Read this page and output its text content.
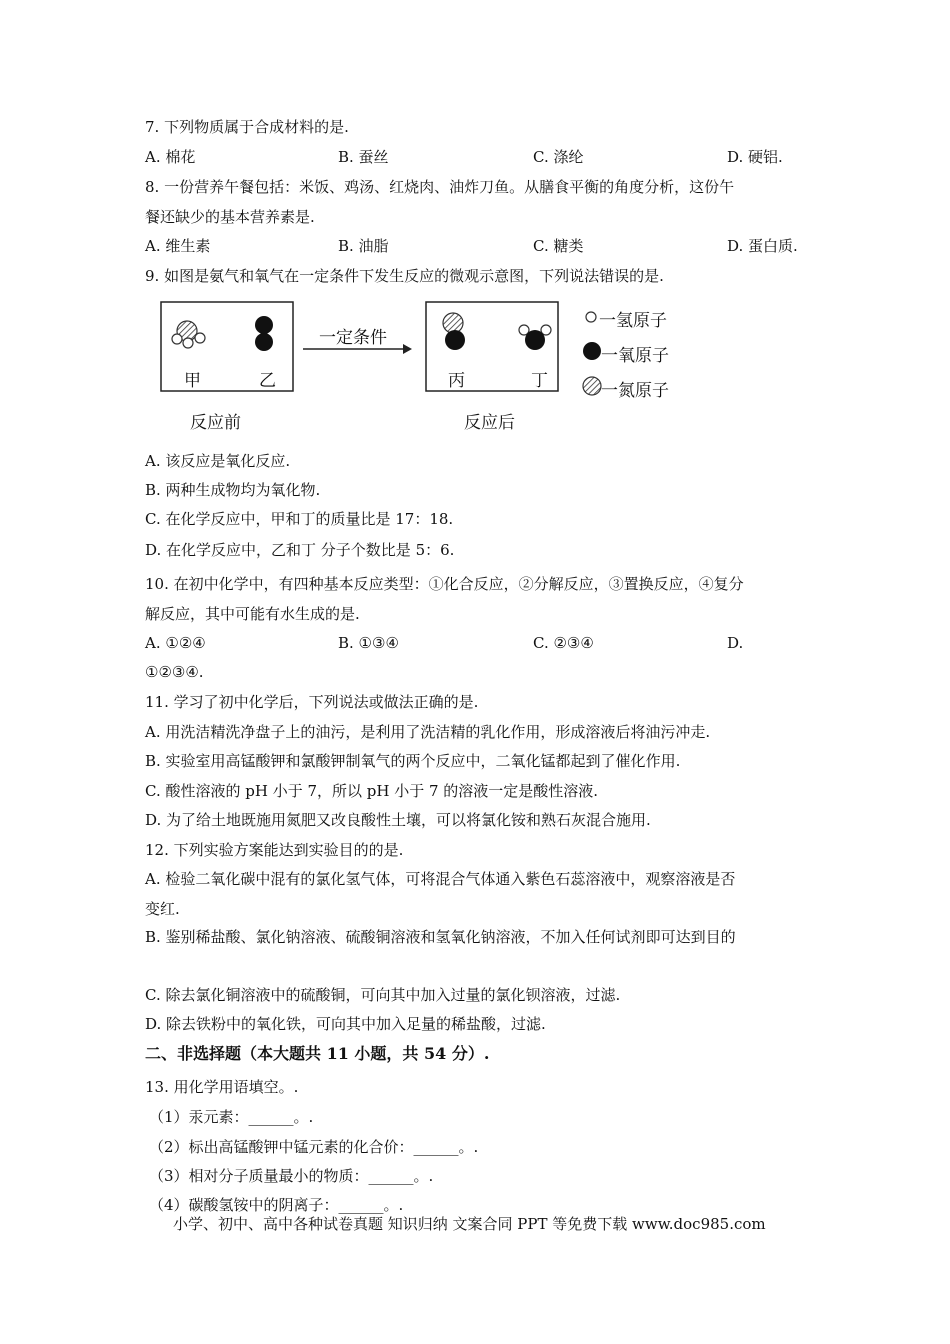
7. 下列物质属于合成材料的是.
A. 棉花	B. 蚕丝	C. 涤纶	D. 硬铝.
8. 一份营养午餐包括：米饭、鸡汤、红烧肉、油炸刀鱼。从膳食平衡的角度分析，这份午
餐还缺少的基本营养素是.
A. 维生素	B. 油脂	C. 糖类	D. 蛋白质.
9. 如图是氨气和氧气在一定条件下发生反应的微观示意图，下列说法错误的是.
一定条件
甲	乙	丙	丁
反应前	反应后
一氢原子
一氧原子
一氮原子
A. 该反应是氧化反应.
B. 两种生成物均为氧化物.
C. 在化学反应中，甲和丁的质量比是 17：18.
D. 在化学反应中，乙和丁 分子个数比是 5：6.
10. 在初中化学中，有四种基本反应类型：①化合反应，②分解反应，③置换反应，④复分
解反应，其中可能有水生成的是.
A. ①②④	B. ①③④	C. ②③④	D.
①②③④.
11. 学习了初中化学后，下列说法或做法正确的是.
A. 用洗洁精洗净盘子上的油污，是利用了洗洁精的乳化作用，形成溶液后将油污冲走.
B. 实验室用高锰酸钾和氯酸钾制氧气的两个反应中，二氧化锰都起到了催化作用.
C. 酸性溶液的 pH 小于 7，所以 pH 小于 7 的溶液一定是酸性溶液.
D. 为了给土地既施用氮肥又改良酸性土壤，可以将氯化铵和熟石灰混合施用.
12. 下列实验方案能达到实验目的的是.
A. 检验二氧化碳中混有的氯化氢气体，可将混合气体通入紫色石蕊溶液中，观察溶液是否
变红.
B. 鉴别稀盐酸、氯化钠溶液、硫酸铜溶液和氢氧化钠溶液，不加入任何试剂即可达到目的
C. 除去氯化铜溶液中的硫酸铜，可向其中加入过量的氯化钡溶液，过滤.
D. 除去铁粉中的氧化铁，可向其中加入足量的稀盐酸，过滤.
二、非选择题（本大题共 11 小题，共 54 分）.
13. 用化学用语填空。.
（1）汞元素：______。.
（2）标出高锰酸钾中锰元素的化合价：______。.
（3）相对分子质量最小的物质：______。.
（4）碳酸氢铵中的阴离子：______。.
小学、初中、高中各种试卷真题 知识归纳 文案合同 PPT 等免费下载 www.doc985.com
